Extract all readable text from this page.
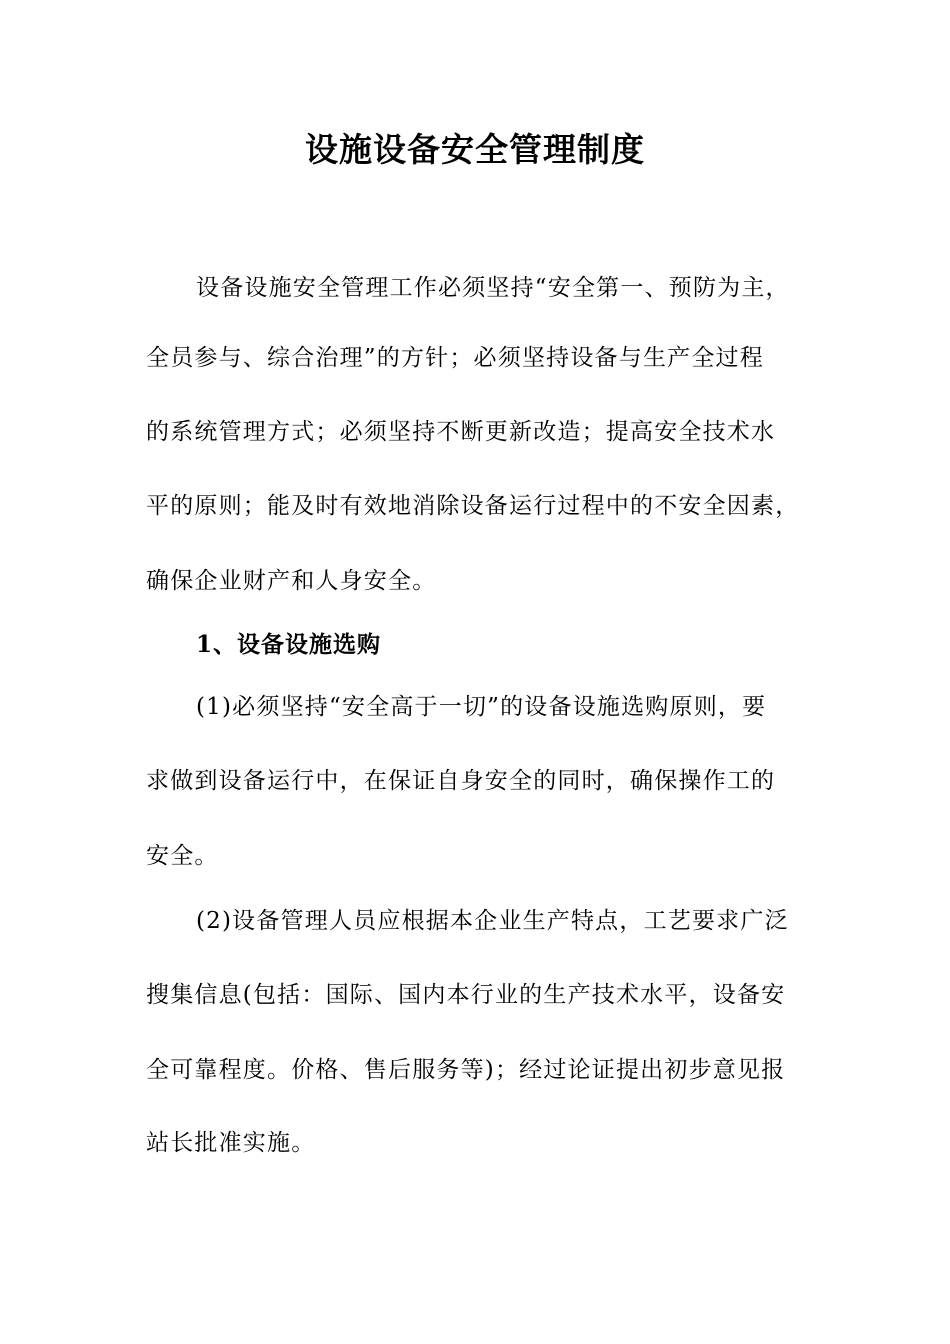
设施设备安全管理制度

设备设施安全管理工作必须坚持“安全第一、预防为主，

全员参与、综合治理”的方针；必须坚持设备与生产全过程

的系统管理方式；必须坚持不断更新改造；提高安全技术水

平的原则；能及时有效地消除设备运行过程中的不安全因素，

确保企业财产和人身安全。

1、设备设施选购

(1)必须坚持“安全高于一切”的设备设施选购原则，要

求做到设备运行中，在保证自身安全的同时，确保操作工的

安全。

(2)设备管理人员应根据本企业生产特点，工艺要求广泛

搜集信息(包括：国际、国内本行业的生产技术水平，设备安

全可靠程度。价格、售后服务等)；经过论证提出初步意见报

站长批准实施。
